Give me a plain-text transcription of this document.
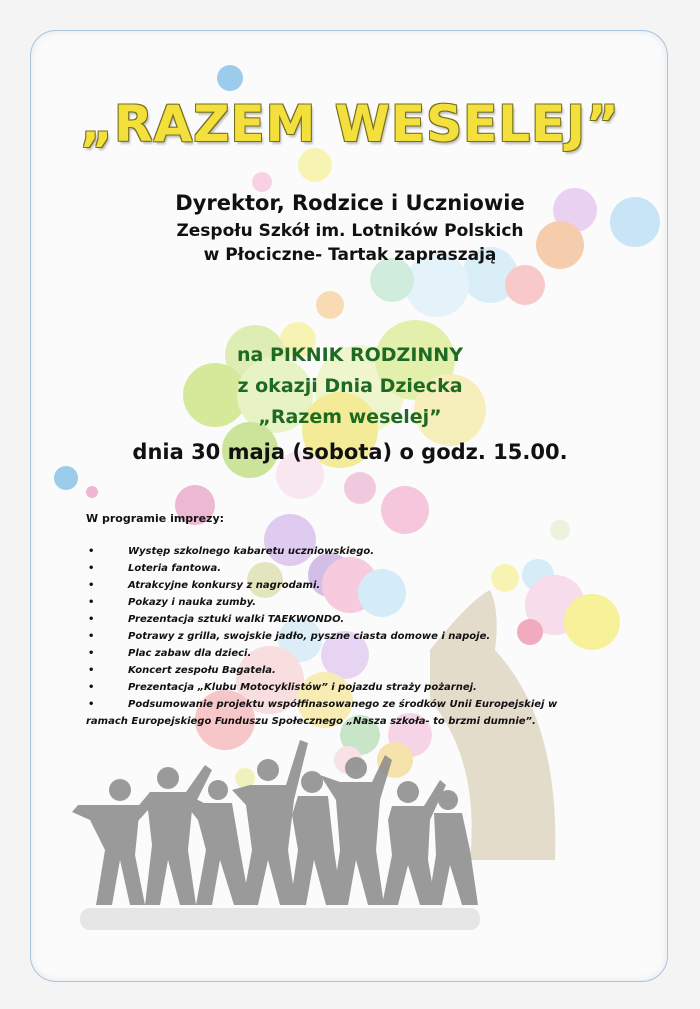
„RAZEM WESELEJ”
Dyrektor, Rodzice i Uczniowie
Zespołu Szkół im. Lotników Polskich
w Płociczne- Tartak zapraszają
na PIKNIK RODZINNY
z okazji Dnia Dziecka
„Razem weselej”
dnia 30 maja (sobota) o godz. 15.00.
W programie imprezy:
•	Występ szkolnego kabaretu uczniowskiego.
•	Loteria fantowa.
•	Atrakcyjne konkursy z nagrodami.
•	Pokazy i nauka zumby.
•	Prezentacja sztuki walki TAEKWONDO.
•	Potrawy z grilla, swojskie jadło, pyszne ciasta domowe i napoje.
•	Plac zabaw dla dzieci.
•	Koncert zespołu Bagatela.
•	Prezentacja „Klubu Motocyklistów” i pojazdu straży pożarnej.
•	Podsumowanie projektu współfinasowanego ze środków Unii Europejskiej w ramach Europejskiego Funduszu Społecznego „Nasza szkoła- to brzmi dumnie”.
